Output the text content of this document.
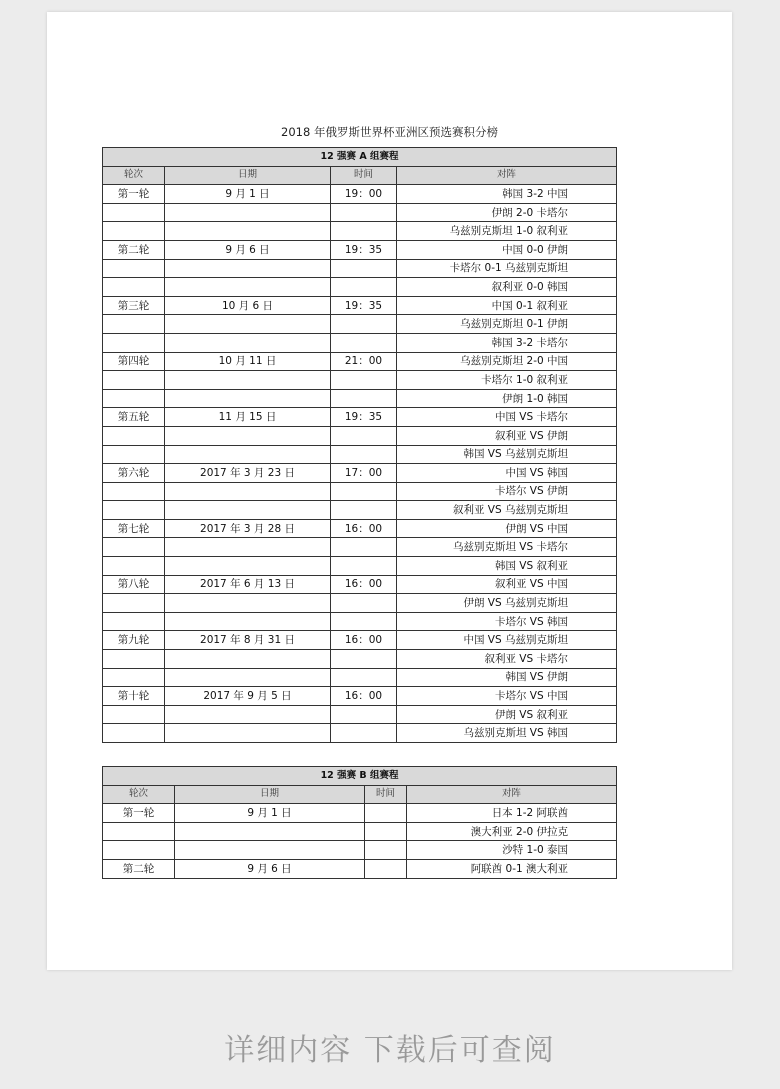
2018 年俄罗斯世界杯亚洲区预选赛积分榜
12 强赛 A 组赛程			
轮次	日期	时间	对阵
第一轮	9 月 1 日	19：00	韩国 3-2 中国
			伊朗 2-0 卡塔尔
			乌兹别克斯坦 1-0 叙利亚
第二轮	9 月 6 日	19：35	中国 0-0 伊朗
			卡塔尔 0-1 乌兹别克斯坦
			叙利亚 0-0 韩国
第三轮	10 月 6 日	19：35	中国 0-1 叙利亚
			乌兹别克斯坦 0-1 伊朗
			韩国 3-2 卡塔尔
第四轮	10 月 11 日	21：00	乌兹别克斯坦 2-0 中国
			卡塔尔 1-0 叙利亚
			伊朗 1-0 韩国
第五轮	11 月 15 日	19：35	中国 VS 卡塔尔
			叙利亚 VS 伊朗
			韩国 VS 乌兹别克斯坦
第六轮	2017 年 3 月 23 日	17：00	中国 VS 韩国
			卡塔尔 VS 伊朗
			叙利亚 VS 乌兹别克斯坦
第七轮	2017 年 3 月 28 日	16：00	伊朗 VS 中国
			乌兹别克斯坦 VS 卡塔尔
			韩国 VS 叙利亚
第八轮	2017 年 6 月 13 日	16：00	叙利亚 VS 中国
			伊朗 VS 乌兹别克斯坦
			卡塔尔 VS 韩国
第九轮	2017 年 8 月 31 日	16：00	中国 VS 乌兹别克斯坦
			叙利亚 VS 卡塔尔
			韩国 VS 伊朗
第十轮	2017 年 9 月 5 日	16：00	卡塔尔 VS 中国
			伊朗 VS 叙利亚
			乌兹别克斯坦 VS 韩国
12 强赛 B 组赛程			
轮次	日期	时间	对阵
第一轮	9 月 1 日		日本 1-2 阿联酋
			澳大利亚 2-0 伊拉克
			沙特 1-0 泰国
第二轮	9 月 6 日		阿联酋 0-1 澳大利亚
详细内容 下载后可查阅
